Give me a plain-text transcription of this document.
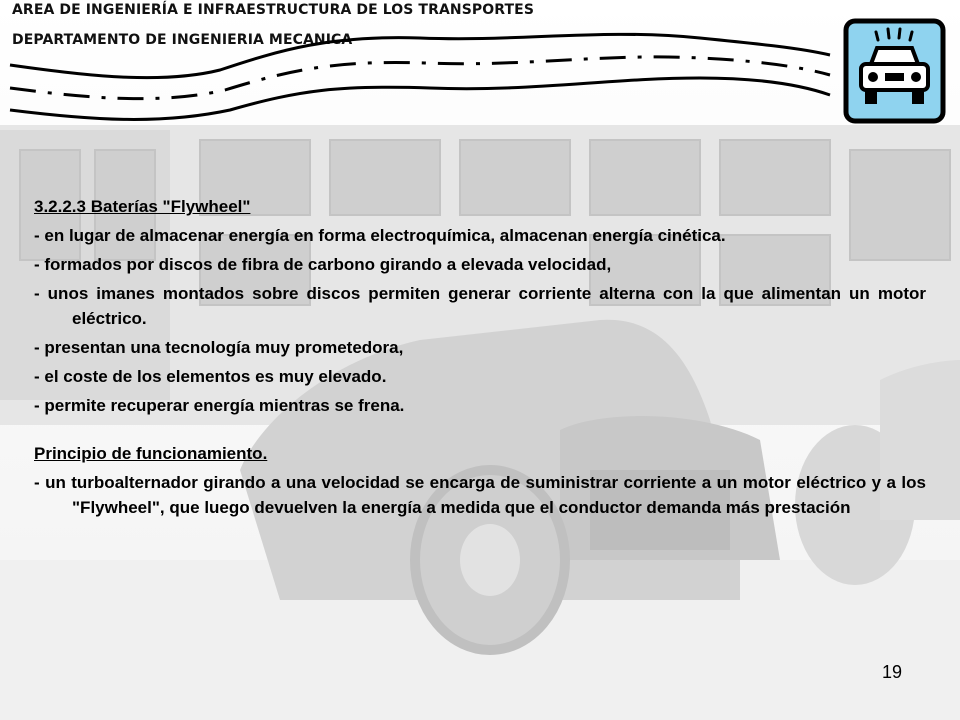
AREA DE INGENIERÍA E INFRAESTRUCTURA DE LOS TRANSPORTES
DEPARTAMENTO DE INGENIERIA MECANICA

3.2.2.3 Baterías "Flywheel"

- en lugar de almacenar energía en forma electroquímica, almacenan energía cinética.

- formados por discos de fibra de carbono girando a elevada velocidad,

- unos imanes montados sobre discos permiten generar corriente alterna con la que alimentan un motor eléctrico.

- presentan una tecnología muy prometedora,

- el coste de los elementos es muy elevado.

- permite recuperar energía mientras se frena.

Principio de funcionamiento.

- un turboalternador girando a una velocidad se encarga de suministrar corriente a un motor eléctrico y a los "Flywheel", que luego devuelven la energía a medida que el conductor demanda más prestación

19
